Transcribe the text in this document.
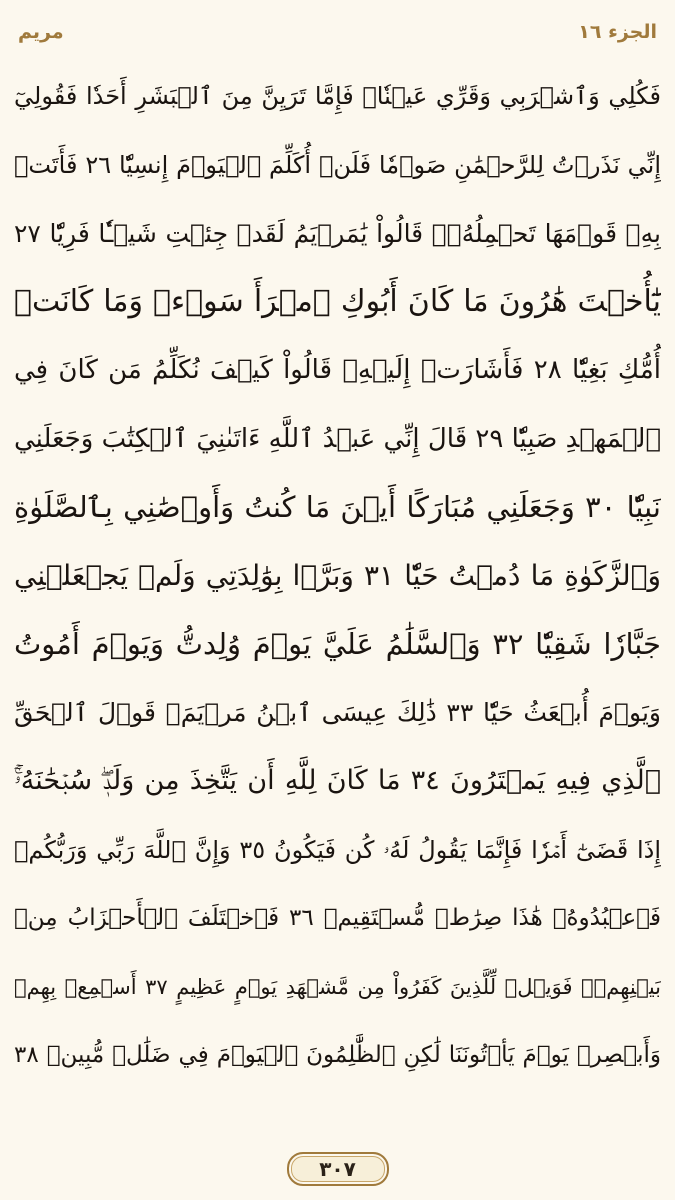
الجزء ١٦
مريم
فَكُلِي وَٱشۡرَبِي وَقَرِّي عَيۡنٗاۖ فَإِمَّا تَرَيِنَّ مِنَ ٱلۡبَشَرِ أَحَدٗا فَقُولِيٓ
إِنِّي نَذَرۡتُ لِلرَّحۡمَٰنِ صَوۡمٗا فَلَنۡ أُكَلِّمَ ٱلۡيَوۡمَ إِنسِيّٗا ٢٦ فَأَتَتۡ
بِهِۦ قَوۡمَهَا تَحۡمِلُهُۥۖ قَالُواْ يَٰمَرۡيَمُ لَقَدۡ جِئۡتِ شَيۡـٔٗا فَرِيّٗا ٢٧
يَٰٓأُخۡتَ هَٰرُونَ مَا كَانَ أَبُوكِ ٱمۡرَأَ سَوۡءٖ وَمَا كَانَتۡ
أُمُّكِ بَغِيّٗا ٢٨ فَأَشَارَتۡ إِلَيۡهِۖ قَالُواْ كَيۡفَ نُكَلِّمُ مَن كَانَ فِي
ٱلۡمَهۡدِ صَبِيّٗا ٢٩ قَالَ إِنِّي عَبۡدُ ٱللَّهِ ءَاتَىٰنِيَ ٱلۡكِتَٰبَ وَجَعَلَنِي
نَبِيّٗا ٣٠ وَجَعَلَنِي مُبَارَكًا أَيۡنَ مَا كُنتُ وَأَوۡصَٰنِي بِٱلصَّلَوٰةِ
وَٱلزَّكَوٰةِ مَا دُمۡتُ حَيّٗا ٣١ وَبَرَّۢا بِوَٰلِدَتِي وَلَمۡ يَجۡعَلۡنِي
جَبَّارٗا شَقِيّٗا ٣٢ وَٱلسَّلَٰمُ عَلَيَّ يَوۡمَ وُلِدتُّ وَيَوۡمَ أَمُوتُ
وَيَوۡمَ أُبۡعَثُ حَيّٗا ٣٣ ذَٰلِكَ عِيسَى ٱبۡنُ مَرۡيَمَۖ قَوۡلَ ٱلۡحَقِّ
ٱلَّذِي فِيهِ يَمۡتَرُونَ ٣٤ مَا كَانَ لِلَّهِ أَن يَتَّخِذَ مِن وَلَدٖۖ سُبۡحَٰنَهُۥٓۚ
إِذَا قَضَىٰٓ أَمۡرٗا فَإِنَّمَا يَقُولُ لَهُۥ كُن فَيَكُونُ ٣٥ وَإِنَّ ٱللَّهَ رَبِّي وَرَبُّكُمۡ
فَٱعۡبُدُوهُۚ هَٰذَا صِرَٰطٞ مُّسۡتَقِيمٞ ٣٦ فَٱخۡتَلَفَ ٱلۡأَحۡزَابُ مِنۢ
بَيۡنِهِمۡۖ فَوَيۡلٞ لِّلَّذِينَ كَفَرُواْ مِن مَّشۡهَدِ يَوۡمٍ عَظِيمٍ ٣٧ أَسۡمِعۡ بِهِمۡ
وَأَبۡصِرۡ يَوۡمَ يَأۡتُونَنَا لَٰكِنِ ٱلظَّٰلِمُونَ ٱلۡيَوۡمَ فِي ضَلَٰلٖ مُّبِينٖ ٣٨
٣٠٧
